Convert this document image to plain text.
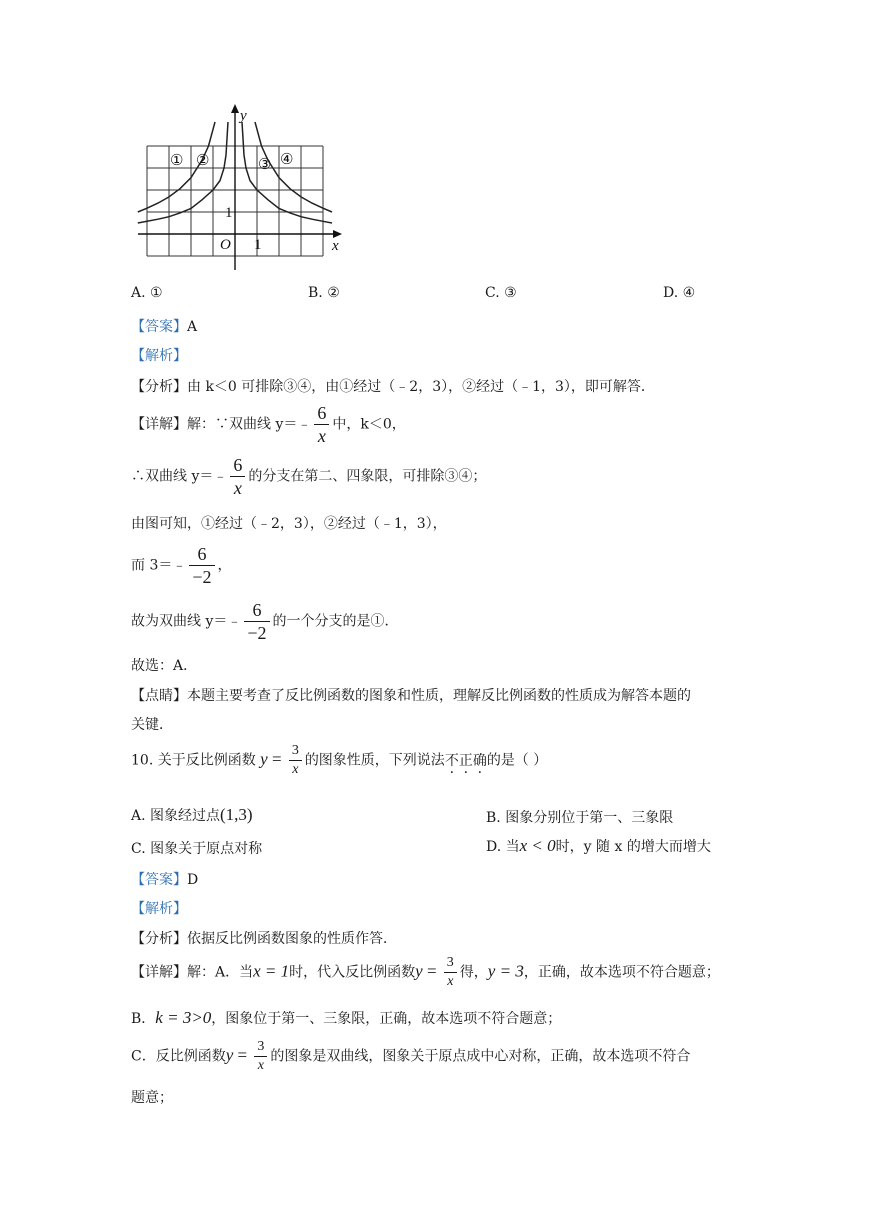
y
x
O 1
1
① ②	③ ④
A. ①	B. ②	C. ③	D. ④
【答案】A
【解析】
【分析】由 k＜0 可排除③④，由①经过（﹣2，3），②经过（﹣1，3），即可解答．
【详解】解：∵双曲线 y＝﹣ $\frac{6}{x}$ 中，k＜0，
∴双曲线 y＝﹣ $\frac{6}{x}$ 的分支在第二、四象限，可排除③④；
由图可知，①经过（﹣2，3），②经过（﹣1，3），
而 3＝﹣ $\frac{6}{-2}$ ，
故为双曲线 y＝﹣ $\frac{6}{-2}$ 的一个分支的是①．
故选：A．
【点睛】本题主要考查了反比例函数的图象和性质，理解反比例函数的性质成为解答本题的
关键．
10. 关于反比例函数 $y = \frac{3}{x}$ 的图象性质，下列说法不正确的是（ ）
A. 图象经过点(1,3)	B. 图象分别位于第一、三象限
C. 图象关于原点对称	D. 当x < 0时，y 随 x 的增大而增大
【答案】D
【解析】
【分析】依据反比例函数图象的性质作答．
【详解】解：A．当x = 1时，代入反比例函数$y = \frac{3}{x}$ 得，y = 3，正确，故本选项不符合题意；
B．k = 3>0，图象位于第一、三象限，正确，故本选项不符合题意；
C．反比例函数$y = \frac{3}{x}$ 的图象是双曲线，图象关于原点成中心对称，正确，故本选项不符合
题意；
